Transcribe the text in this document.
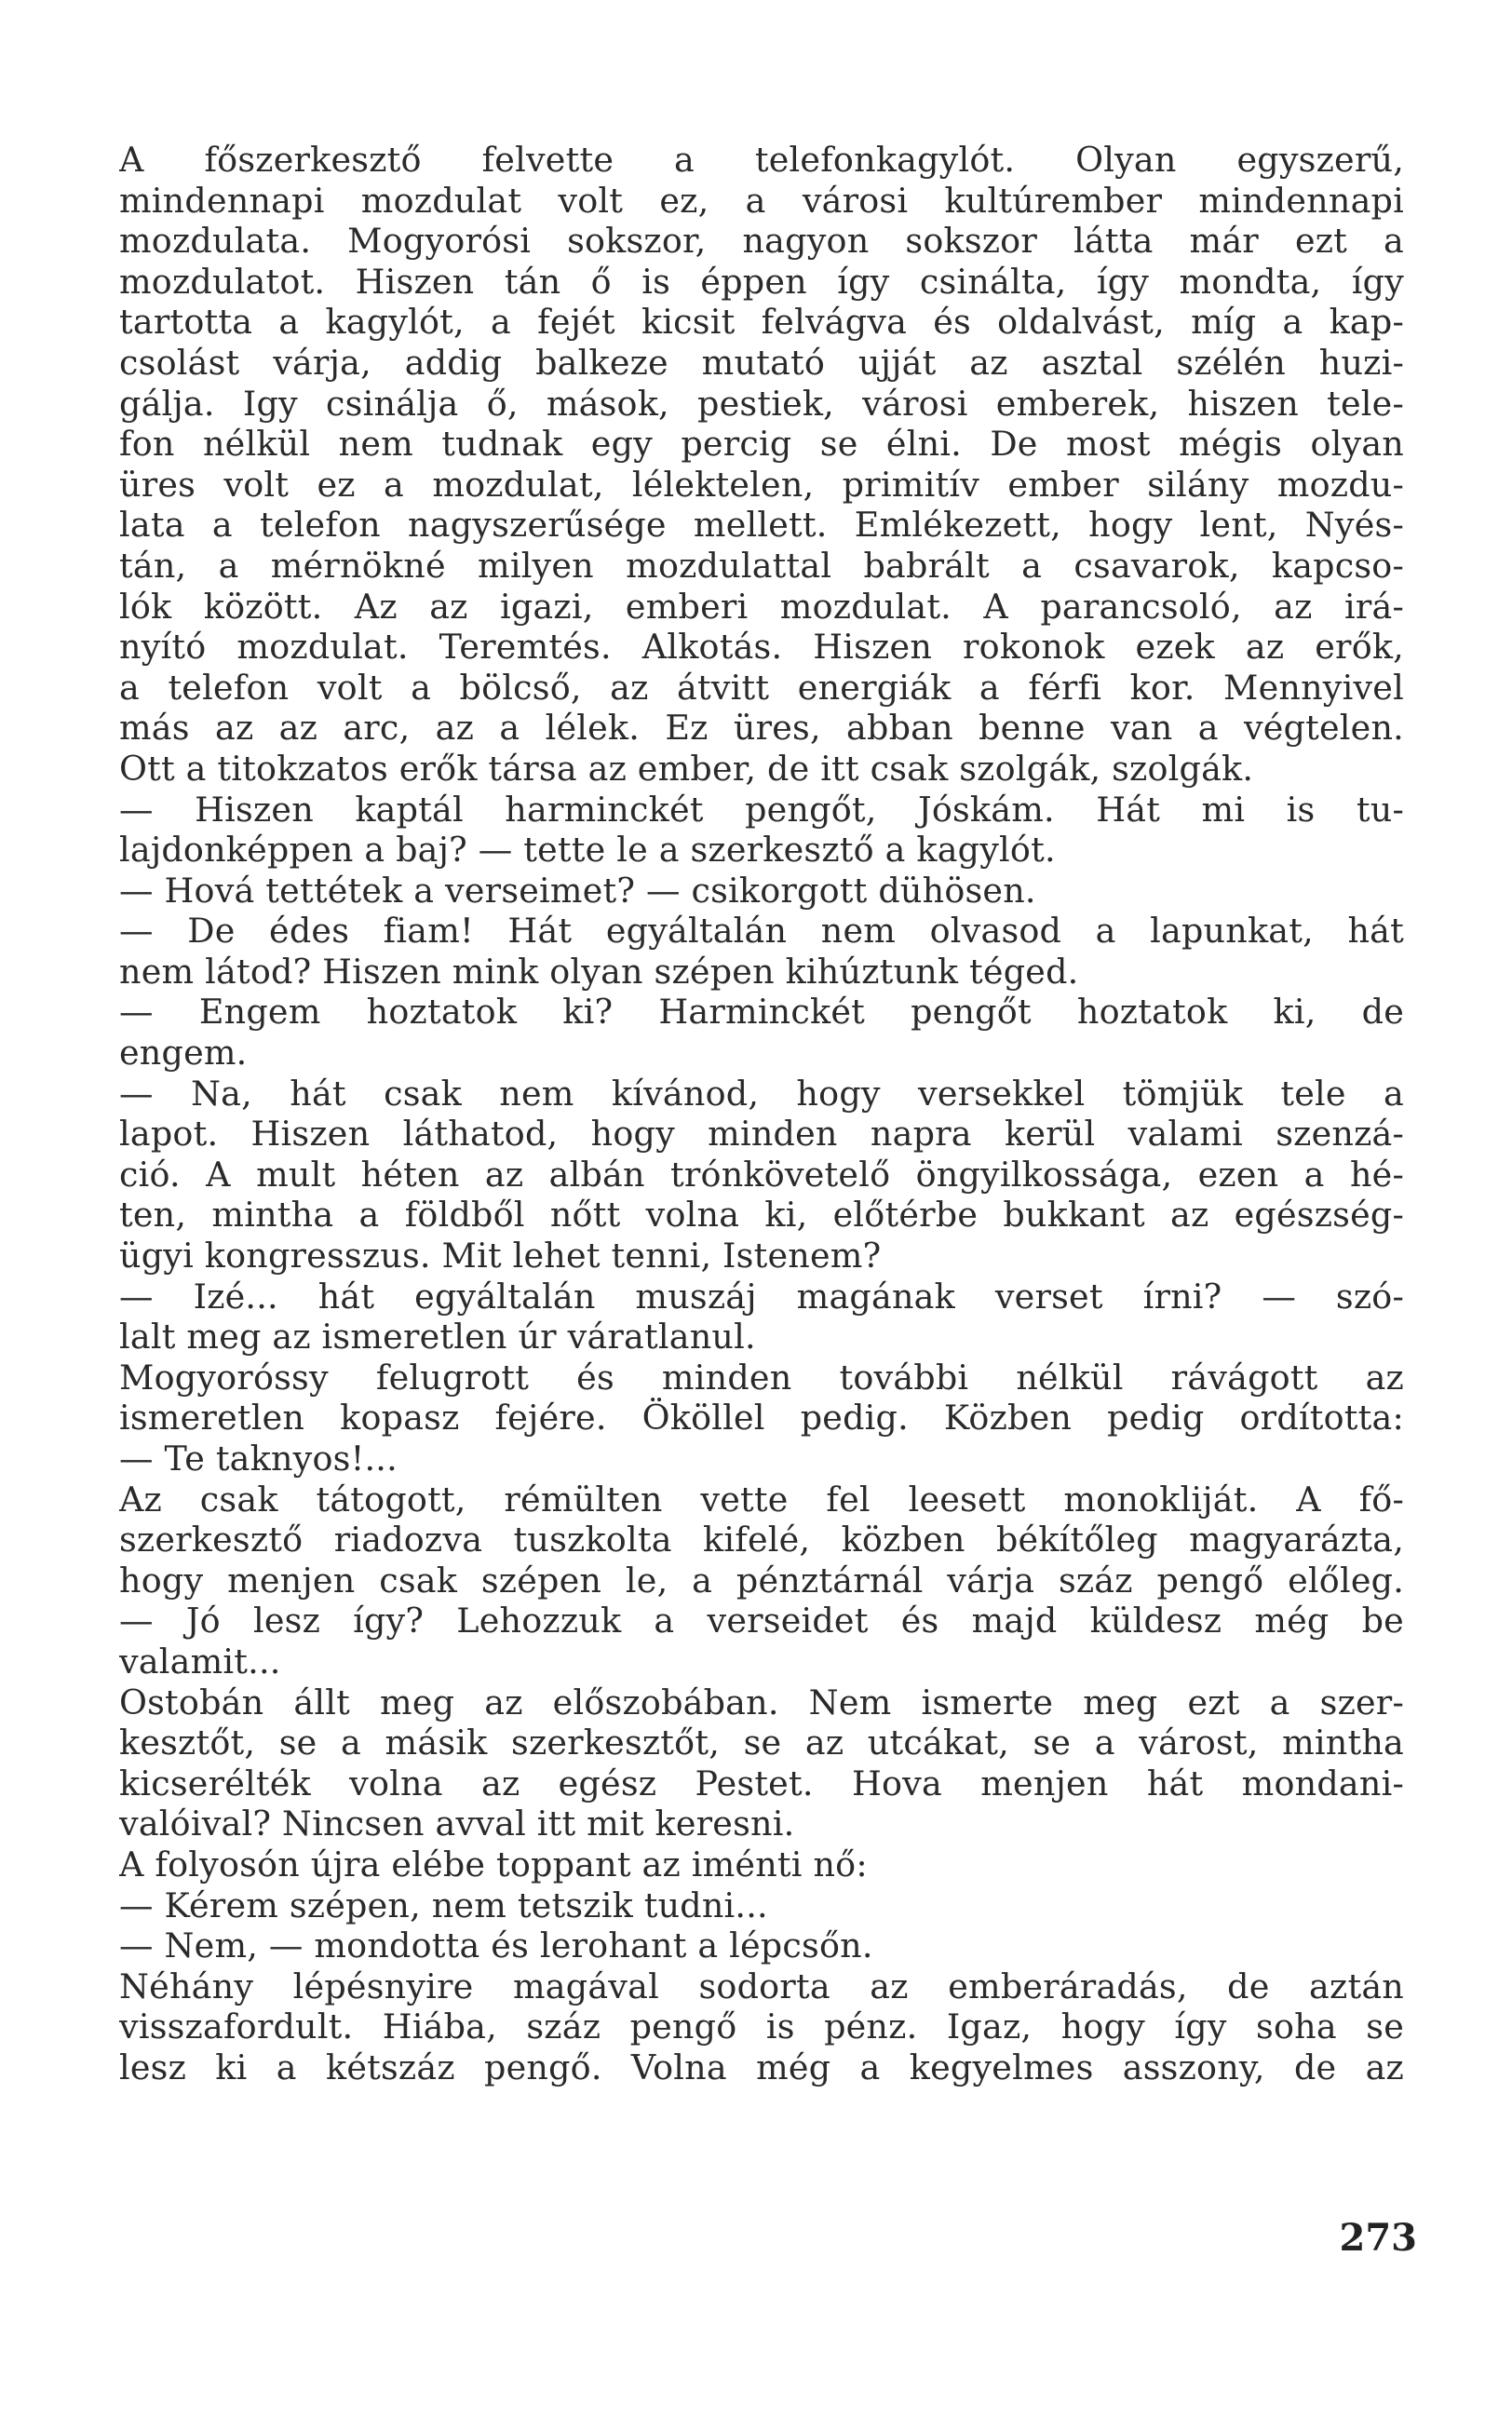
A főszerkesztő felvette a telefonkagylót. Olyan egyszerű,
mindennapi mozdulat volt ez, a városi kultúrember mindennapi
mozdulata. Mogyorósi sokszor, nagyon sokszor látta már ezt a
mozdulatot. Hiszen tán ő is éppen így csinálta, így mondta, így
tartotta a kagylót, a fejét kicsit felvágva és oldalvást, míg a kap-
csolást várja, addig balkeze mutató ujját az asztal szélén huzi-
gálja. Igy csinálja ő, mások, pestiek, városi emberek, hiszen tele-
fon nélkül nem tudnak egy percig se élni. De most mégis olyan
üres volt ez a mozdulat, lélektelen, primitív ember silány mozdu-
lata a telefon nagyszerűsége mellett. Emlékezett, hogy lent, Nyés-
tán, a mérnökné milyen mozdulattal babrált a csavarok, kapcso-
lók között. Az az igazi, emberi mozdulat. A parancsoló, az irá-
nyító mozdulat. Teremtés. Alkotás. Hiszen rokonok ezek az erők,
a telefon volt a bölcső, az átvitt energiák a férfi kor. Mennyivel
más az az arc, az a lélek. Ez üres, abban benne van a végtelen.
Ott a titokzatos erők társa az ember, de itt csak szolgák, szolgák.
— Hiszen kaptál harminckét pengőt, Jóskám. Hát mi is tu-
lajdonképpen a baj? — tette le a szerkesztő a kagylót.
— Hová tettétek a verseimet? — csikorgott dühösen.
— De édes fiam! Hát egyáltalán nem olvasod a lapunkat, hát
nem látod? Hiszen mink olyan szépen kihúztunk téged.
— Engem hoztatok ki? Harminckét pengőt hoztatok ki, de
engem.
— Na, hát csak nem kívánod, hogy versekkel tömjük tele a
lapot. Hiszen láthatod, hogy minden napra kerül valami szenzá-
ció. A mult héten az albán trónkövetelő öngyilkossága, ezen a hé-
ten, mintha a földből nőtt volna ki, előtérbe bukkant az egészség-
ügyi kongresszus. Mit lehet tenni, Istenem?
— Izé... hát egyáltalán muszáj magának verset írni? — szó-
lalt meg az ismeretlen úr váratlanul.
Mogyoróssy felugrott és minden további nélkül rávágott az
ismeretlen kopasz fejére. Ököllel pedig. Közben pedig ordította:
— Te taknyos!...
Az csak tátogott, rémülten vette fel leesett monokliját. A fő-
szerkesztő riadozva tuszkolta kifelé, közben békítőleg magyarázta,
hogy menjen csak szépen le, a pénztárnál várja száz pengő előleg.
— Jó lesz így? Lehozzuk a verseidet és majd küldesz még be
valamit...
Ostobán állt meg az előszobában. Nem ismerte meg ezt a szer-
kesztőt, se a másik szerkesztőt, se az utcákat, se a várost, mintha
kicserélték volna az egész Pestet. Hova menjen hát mondani-
valóival? Nincsen avval itt mit keresni.
A folyosón újra elébe toppant az iménti nő:
— Kérem szépen, nem tetszik tudni...
— Nem, — mondotta és lerohant a lépcsőn.
Néhány lépésnyire magával sodorta az emberáradás, de aztán
visszafordult. Hiába, száz pengő is pénz. Igaz, hogy így soha se
lesz ki a kétszáz pengő. Volna még a kegyelmes asszony, de az
273
